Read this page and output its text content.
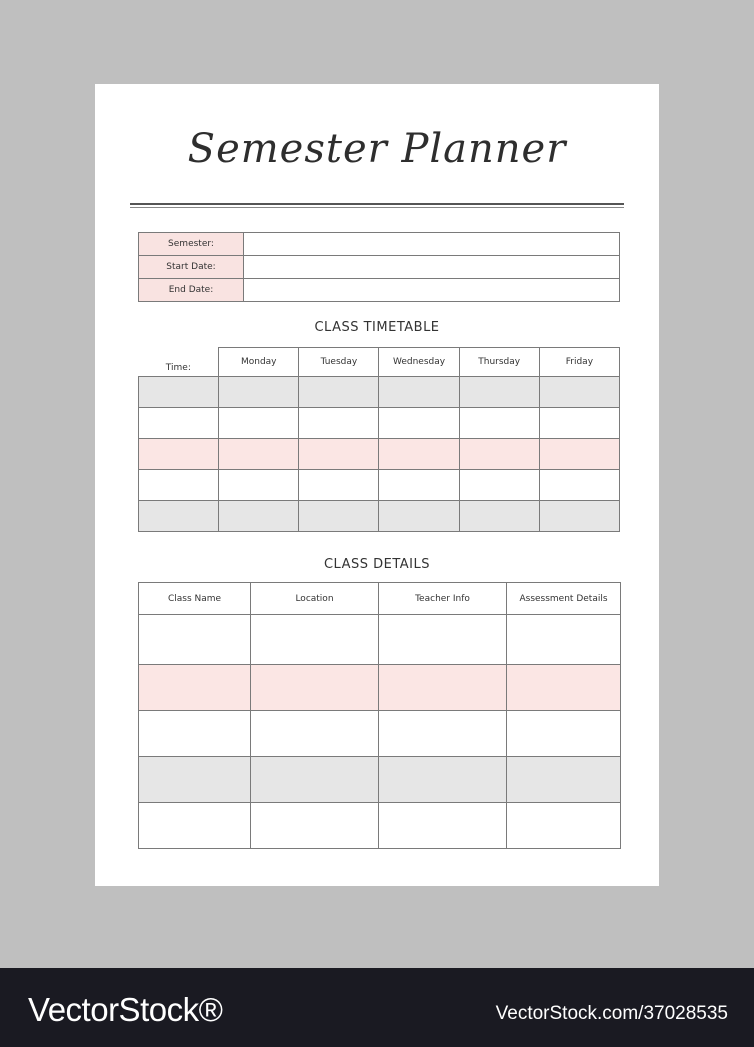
Semester Planner
Semester:	
Start Date:	
End Date:	
CLASS TIMETABLE
Time:	Monday	Tuesday	Wednesday	Thursday	Friday

CLASS DETAILS
Class Name	Location	Teacher Info	Assessment Details

VectorStock®	VectorStock.com/37028535
